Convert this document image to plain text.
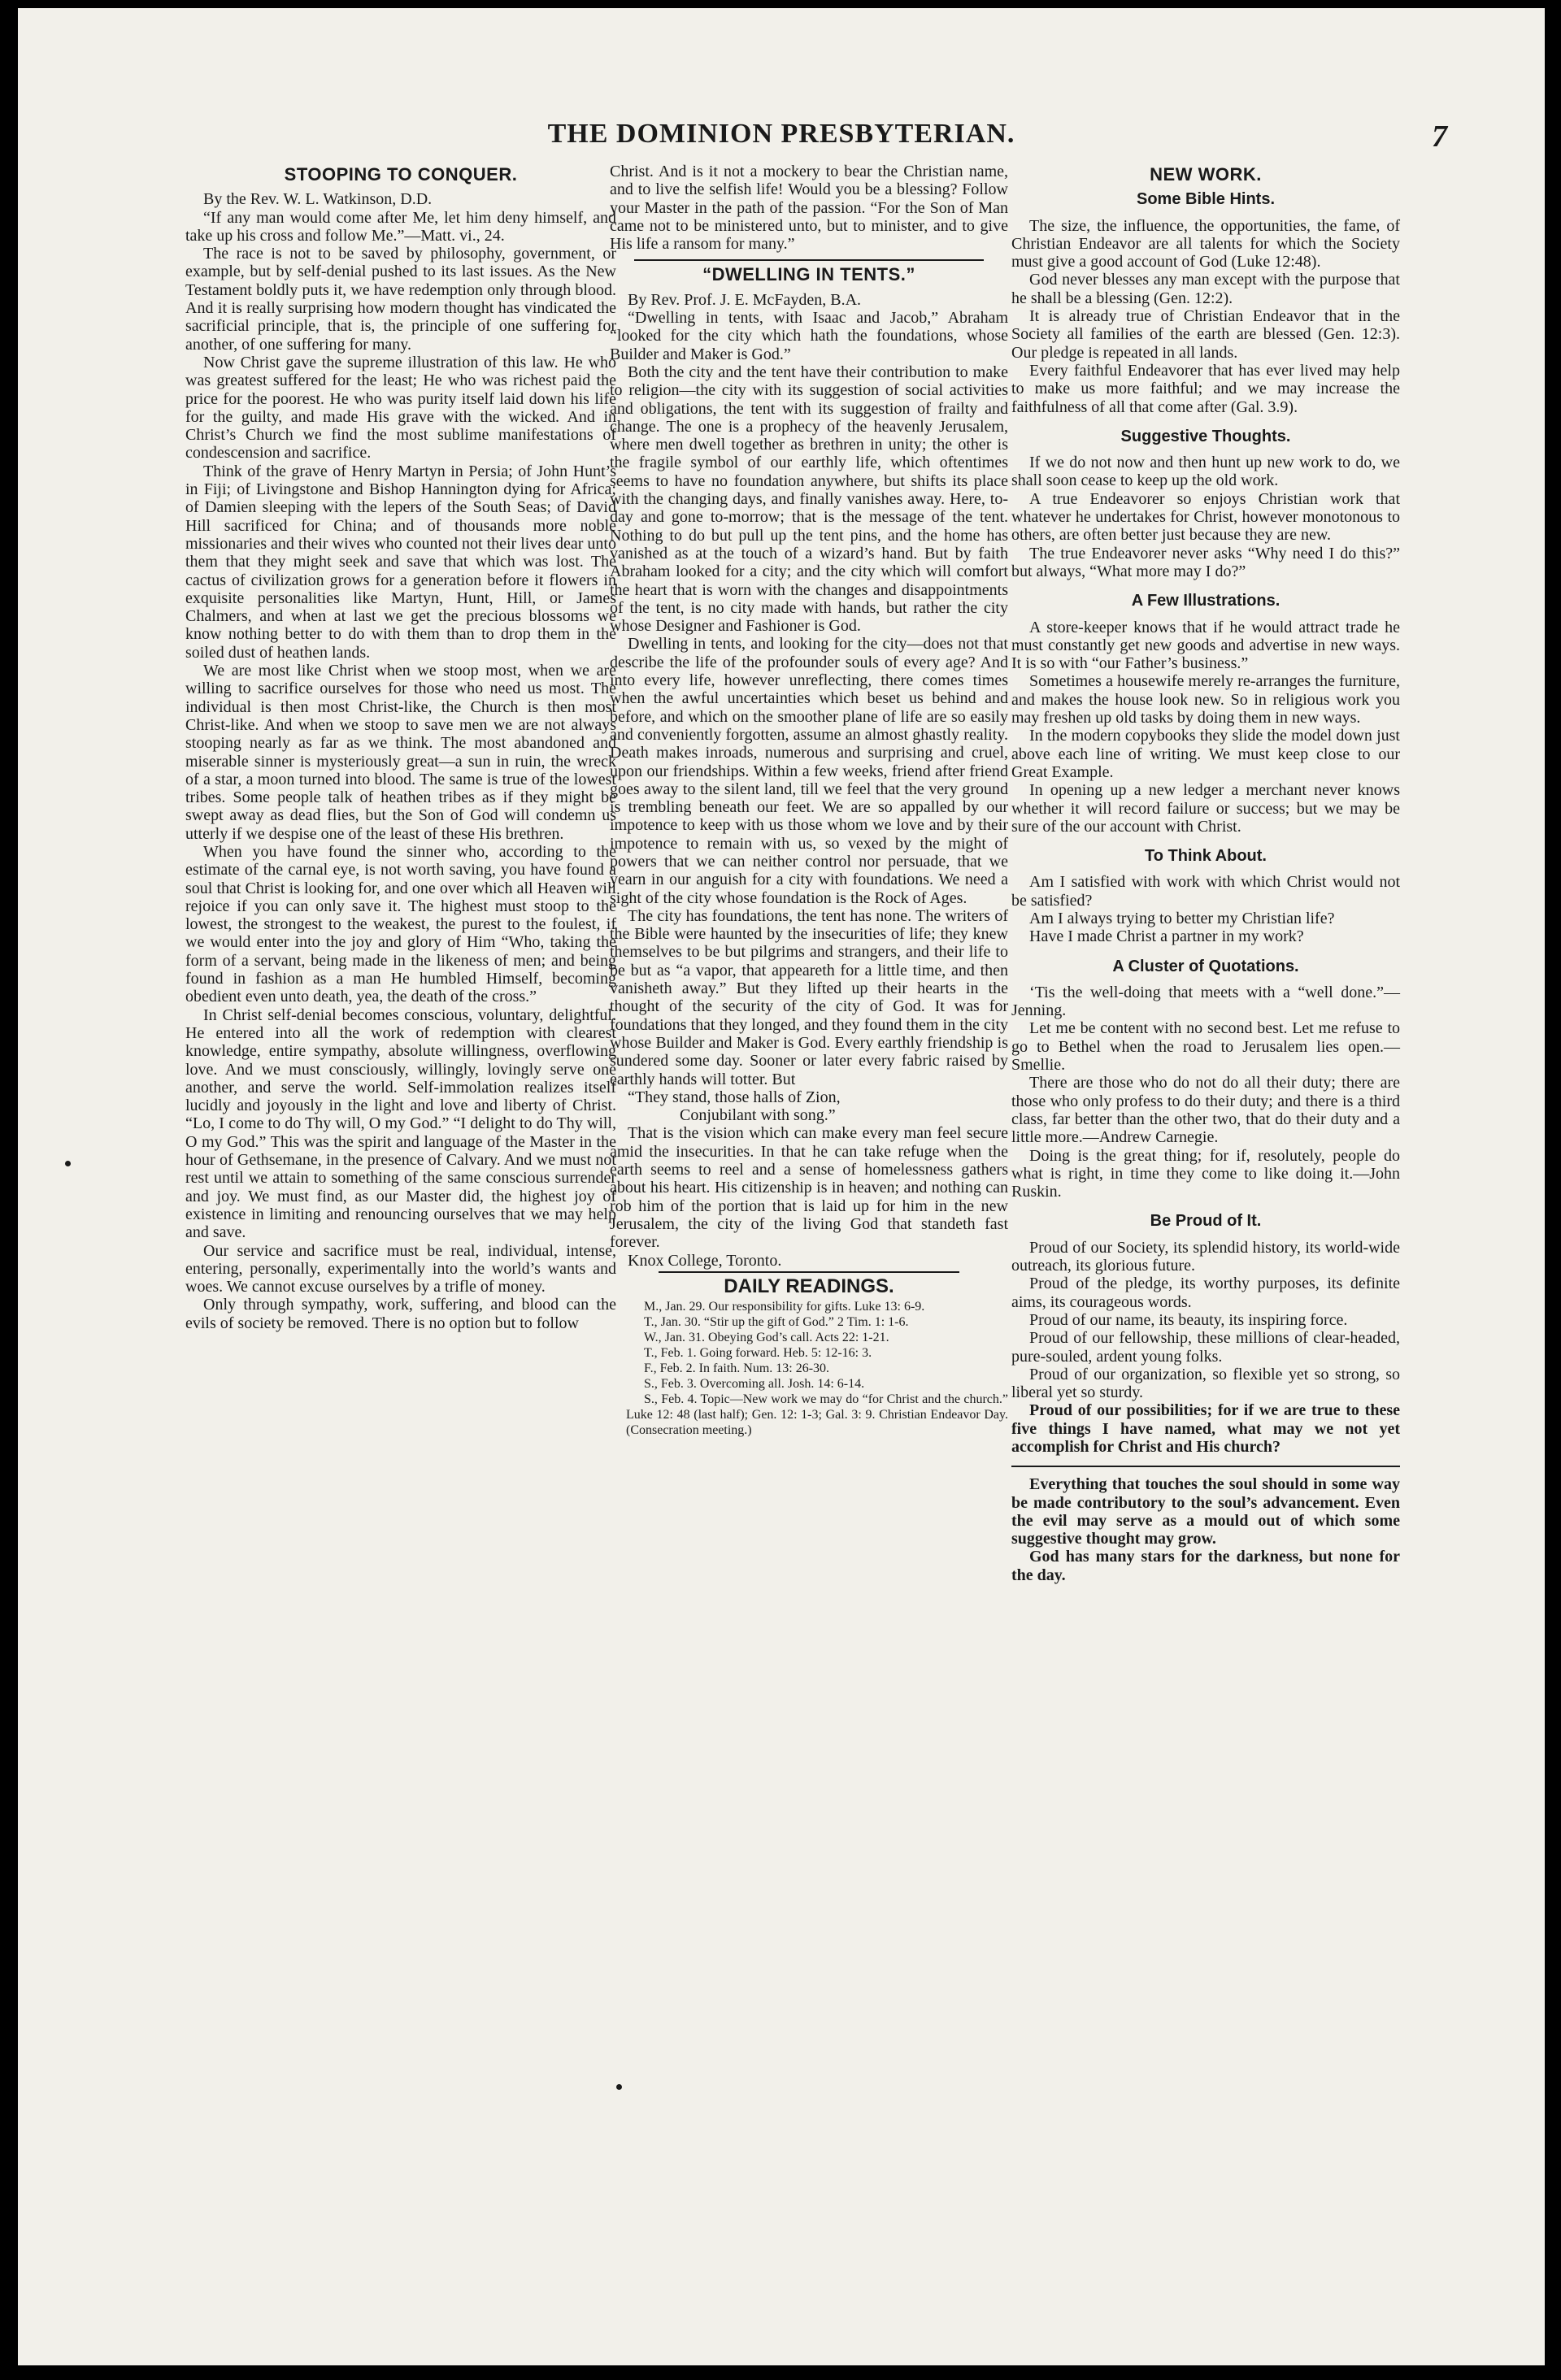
THE DOMINION PRESBYTERIAN.	7
STOOPING TO CONQUER.

By the Rev. W. L. Watkinson, D.D.

“If any man would come after Me, let him deny himself, and take up his cross and follow Me.”—Matt. vi., 24.

The race is not to be saved by philosophy, government, or example, but by self-denial pushed to its last issues. As the New Testament boldly puts it, we have redemption only through blood. And it is really surprising how modern thought has vindicated the sacrificial principle, that is, the principle of one suffering for another, of one suffering for many.

Now Christ gave the supreme illustration of this law. He who was greatest suffered for the least; He who was richest paid the price for the poorest. He who was purity itself laid down his life for the guilty, and made His grave with the wicked. And in Christ’s Church we find the most sublime manifestations of condescension and sacrifice.

Think of the grave of Henry Martyn in Persia; of John Hunt’s in Fiji; of Livingstone and Bishop Hannington dying for Africa; of Damien sleeping with the lepers of the South Seas; of David Hill sacrificed for China; and of thousands more noble missionaries and their wives who counted not their lives dear unto them that they might seek and save that which was lost. The cactus of civilization grows for a generation before it flowers in exquisite personalities like Martyn, Hunt, Hill, or James Chalmers, and when at last we get the precious blossoms we know nothing better to do with them than to drop them in the soiled dust of heathen lands.

We are most like Christ when we stoop most, when we are willing to sacrifice ourselves for those who need us most. The individual is then most Christ-like, the Church is then most Christ-like. And when we stoop to save men we are not always stooping nearly as far as we think. The most abandoned and miserable sinner is mysteriously great—a sun in ruin, the wreck of a star, a moon turned into blood. The same is true of the lowest tribes. Some people talk of heathen tribes as if they might be swept away as dead flies, but the Son of God will condemn us utterly if we despise one of the least of these His brethren.

When you have found the sinner who, according to the estimate of the carnal eye, is not worth saving, you have found a soul that Christ is looking for, and one over which all Heaven will rejoice if you can only save it. The highest must stoop to the lowest, the strongest to the weakest, the purest to the foulest, if we would enter into the joy and glory of Him “Who, taking the form of a servant, being made in the likeness of men; and being found in fashion as a man He humbled Himself, becoming obedient even unto death, yea, the death of the cross.”

In Christ self-denial becomes conscious, voluntary, delightful. He entered into all the work of redemption with clearest knowledge, entire sympathy, absolute willingness, overflowing love. And we must consciously, willingly, lovingly serve one another, and serve the world. Self-immolation realizes itself lucidly and joyously in the light and love and liberty of Christ. “Lo, I come to do Thy will, O my God.” “I delight to do Thy will, O my God.” This was the spirit and language of the Master in the hour of Gethsemane, in the presence of Calvary. And we must not rest until we attain to something of the same conscious surrender and joy. We must find, as our Master did, the highest joy of existence in limiting and renouncing ourselves that we may help and save.

Our service and sacrifice must be real, individual, intense, entering, personally, experimentally into the world’s wants and woes. We cannot excuse ourselves by a trifle of money.

Only through sympathy, work, suffering, and blood can the evils of society be removed. There is no option but to follow

Christ. And is it not a mockery to bear the Christian name, and to live the selfish life! Would you be a blessing? Follow your Master in the path of the passion. “For the Son of Man came not to be ministered unto, but to minister, and to give His life a ransom for many.”

“DWELLING IN TENTS.”

By Rev. Prof. J. E. McFayden, B.A.

“Dwelling in tents, with Isaac and Jacob,” Abraham “looked for the city which hath the foundations, whose Builder and Maker is God.”

Both the city and the tent have their contribution to make to religion—the city with its suggestion of social activities and obligations, the tent with its suggestion of frailty and change. The one is a prophecy of the heavenly Jerusalem, where men dwell together as brethren in unity; the other is the fragile symbol of our earthly life, which oftentimes seems to have no foundation anywhere, but shifts its place with the changing days, and finally vanishes away. Here, to-day and gone to-morrow; that is the message of the tent. Nothing to do but pull up the tent pins, and the home has vanished as at the touch of a wizard’s hand. But by faith Abraham looked for a city; and the city which will comfort the heart that is worn with the changes and disappointments of the tent, is no city made with hands, but rather the city whose Designer and Fashioner is God.

Dwelling in tents, and looking for the city—does not that describe the life of the profounder souls of every age? And into every life, however unreflecting, there comes times when the awful uncertainties which beset us behind and before, and which on the smoother plane of life are so easily and conveniently forgotten, assume an almost ghastly reality. Death makes inroads, numerous and surprising and cruel, upon our friendships. Within a few weeks, friend after friend goes away to the silent land, till we feel that the very ground is trembling beneath our feet. We are so appalled by our impotence to keep with us those whom we love and by their impotence to remain with us, so vexed by the might of powers that we can neither control nor persuade, that we yearn in our anguish for a city with foundations. We need a sight of the city whose foundation is the Rock of Ages.

The city has foundations, the tent has none. The writers of the Bible were haunted by the insecurities of life; they knew themselves to be but pilgrims and strangers, and their life to be but as “a vapor, that appeareth for a little time, and then vanisheth away.” But they lifted up their hearts in the thought of the security of the city of God. It was for foundations that they longed, and they found them in the city whose Builder and Maker is God. Every earthly friendship is sundered some day. Sooner or later every fabric raised by earthly hands will totter. But

“They stand, those halls of Zion,

Conjubilant with song.”

That is the vision which can make every man feel secure amid the insecurities. In that he can take refuge when the earth seems to reel and a sense of homelessness gathers about his heart. His citizenship is in heaven; and nothing can rob him of the portion that is laid up for him in the new Jerusalem, the city of the living God that standeth fast forever.

Knox College, Toronto.

DAILY READINGS.

M., Jan. 29. Our responsibility for gifts. Luke 13: 6-9.

T., Jan. 30. “Stir up the gift of God.” 2 Tim. 1: 1-6.

W., Jan. 31. Obeying God’s call. Acts 22: 1-21.

T., Feb. 1. Going forward. Heb. 5: 12-16: 3.

F., Feb. 2. In faith. Num. 13: 26-30.

S., Feb. 3. Overcoming all. Josh. 14: 6-14.

S., Feb. 4. Topic—New work we may do “for Christ and the church.” Luke 12: 48 (last half); Gen. 12: 1-3; Gal. 3: 9. Christian Endeavor Day. (Consecration meeting.)

NEW WORK.
Some Bible Hints.

The size, the influence, the opportunities, the fame, of Christian Endeavor are all talents for which the Society must give a good account of God (Luke 12:48).

God never blesses any man except with the purpose that he shall be a blessing (Gen. 12:2).

It is already true of Christian Endeavor that in the Society all families of the earth are blessed (Gen. 12:3). Our pledge is repeated in all lands.

Every faithful Endeavorer that has ever lived may help to make us more faithful; and we may increase the faithfulness of all that come after (Gal. 3.9).

Suggestive Thoughts.

If we do not now and then hunt up new work to do, we shall soon cease to keep up the old work.

A true Endeavorer so enjoys Christian work that whatever he undertakes for Christ, however monotonous to others, are often better just because they are new.

The true Endeavorer never asks “Why need I do this?” but always, “What more may I do?”

A Few Illustrations.

A store-keeper knows that if he would attract trade he must constantly get new goods and advertise in new ways. It is so with “our Father’s business.”

Sometimes a housewife merely re-arranges the furniture, and makes the house look new. So in religious work you may freshen up old tasks by doing them in new ways.

In the modern copybooks they slide the model down just above each line of writing. We must keep close to our Great Example.

In opening up a new ledger a merchant never knows whether it will record failure or success; but we may be sure of the our account with Christ.

To Think About.

Am I satisfied with work with which Christ would not be satisfied?

Am I always trying to better my Christian life?

Have I made Christ a partner in my work?

A Cluster of Quotations.

‘Tis the well-doing that meets with a “well done.”—Jenning.

Let me be content with no second best. Let me refuse to go to Bethel when the road to Jerusalem lies open.—Smellie.

There are those who do not do all their duty; there are those who only profess to do their duty; and there is a third class, far better than the other two, that do their duty and a little more.—Andrew Carnegie.

Doing is the great thing; for if, resolutely, people do what is right, in time they come to like doing it.—John Ruskin.

Be Proud of It.

Proud of our Society, its splendid history, its world-wide outreach, its glorious future.

Proud of the pledge, its worthy purposes, its definite aims, its courageous words.

Proud of our name, its beauty, its inspiring force.

Proud of our fellowship, these millions of clear-headed, pure-souled, ardent young folks.

Proud of our organization, so flexible yet so strong, so liberal yet so sturdy.

Proud of our possibilities; for if we are true to these five things I have named, what may we not yet accomplish for Christ and His church?

Everything that touches the soul should in some way be made contributory to the soul’s advancement. Even the evil may serve as a mould out of which some suggestive thought may grow.

God has many stars for the darkness, but none for the day.
